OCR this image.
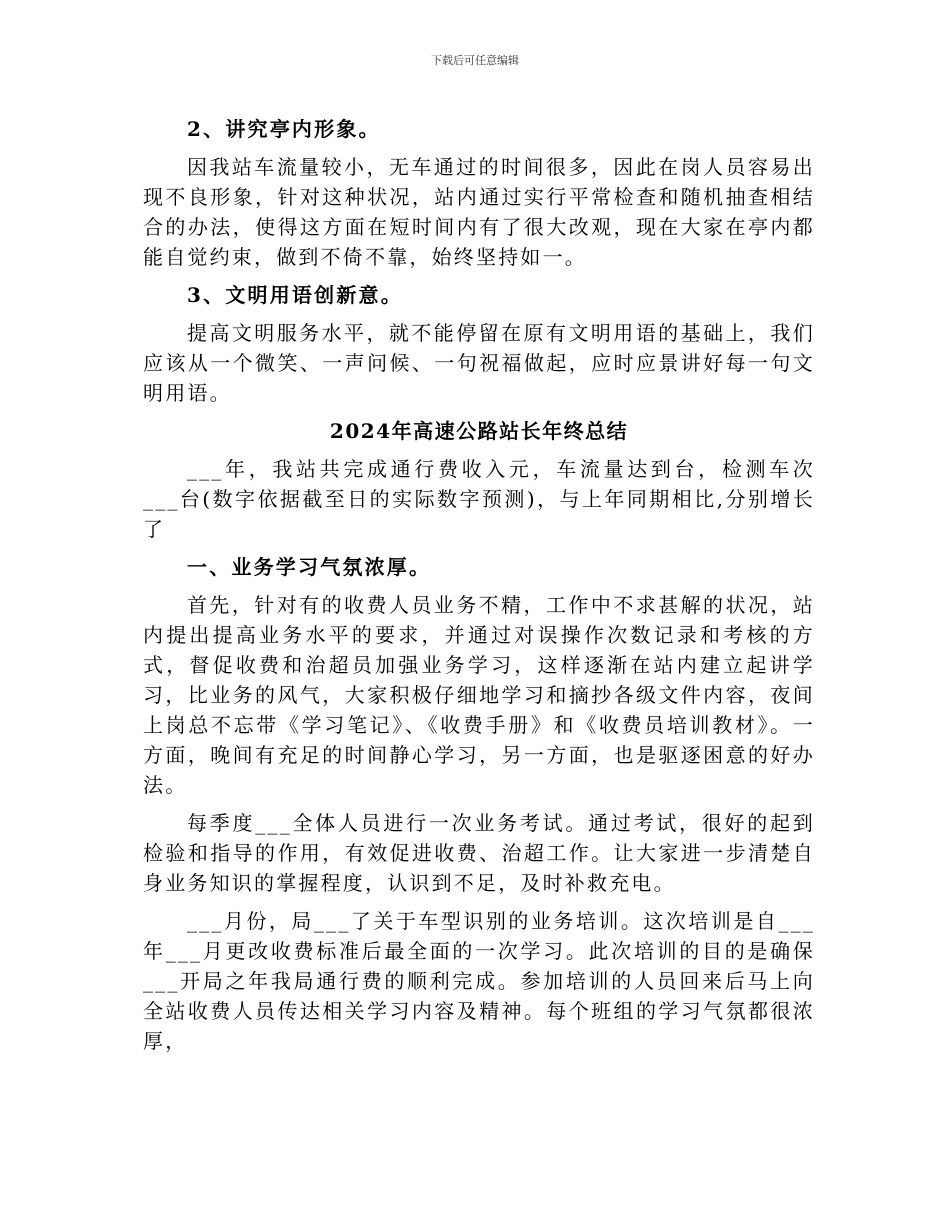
下载后可任意编辑

2、讲究亭内形象。

因我站车流量较小，无车通过的时间很多，因此在岗人员容易出现不良形象，针对这种状况，站内通过实行平常检查和随机抽查相结合的办法，使得这方面在短时间内有了很大改观，现在大家在亭内都能自觉约束，做到不倚不靠，始终坚持如一。

3、文明用语创新意。

提高文明服务水平，就不能停留在原有文明用语的基础上，我们应该从一个微笑、一声问候、一句祝福做起，应时应景讲好每一句文明用语。

2024年高速公路站长年终总结

___年，我站共完成通行费收入元，车流量达到台，检测车次___台(数字依据截至日的实际数字预测)，与上年同期相比,分别增长了

一、业务学习气氛浓厚。

首先，针对有的收费人员业务不精，工作中不求甚解的状况，站内提出提高业务水平的要求，并通过对误操作次数记录和考核的方式，督促收费和治超员加强业务学习，这样逐渐在站内建立起讲学习，比业务的风气，大家积极仔细地学习和摘抄各级文件内容，夜间上岗总不忘带《学习笔记》、《收费手册》和《收费员培训教材》。一方面，晚间有充足的时间静心学习，另一方面，也是驱逐困意的好办法。

每季度___全体人员进行一次业务考试。通过考试，很好的起到检验和指导的作用，有效促进收费、治超工作。让大家进一步清楚自身业务知识的掌握程度，认识到不足，及时补救充电。

___月份，局___了关于车型识别的业务培训。这次培训是自___年___月更改收费标准后最全面的一次学习。此次培训的目的是确保___开局之年我局通行费的顺利完成。参加培训的人员回来后马上向全站收费人员传达相关学习内容及精神。每个班组的学习气氛都很浓厚，
